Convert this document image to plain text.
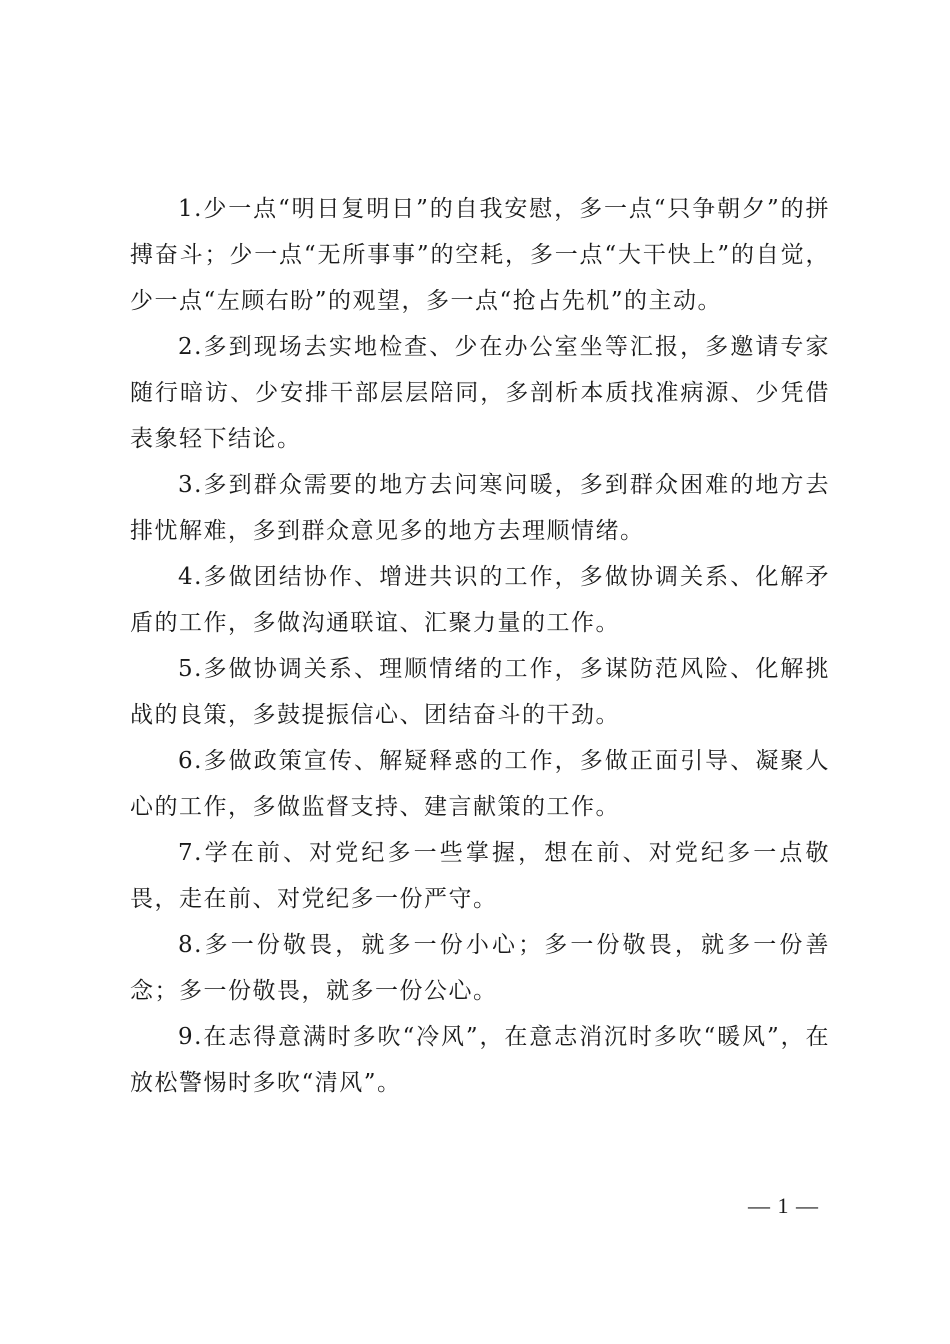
1.少一点“明日复明日”的自我安慰，多一点“只争朝夕”的拼搏奋斗；少一点“无所事事”的空耗，多一点“大干快上”的自觉，少一点“左顾右盼”的观望，多一点“抢占先机”的主动。

2.多到现场去实地检查、少在办公室坐等汇报，多邀请专家随行暗访、少安排干部层层陪同，多剖析本质找准病源、少凭借表象轻下结论。

3.多到群众需要的地方去问寒问暖，多到群众困难的地方去排忧解难，多到群众意见多的地方去理顺情绪。

4.多做团结协作、增进共识的工作，多做协调关系、化解矛盾的工作，多做沟通联谊、汇聚力量的工作。

5.多做协调关系、理顺情绪的工作，多谋防范风险、化解挑战的良策，多鼓提振信心、团结奋斗的干劲。

6.多做政策宣传、解疑释惑的工作，多做正面引导、凝聚人心的工作，多做监督支持、建言献策的工作。

7.学在前、对党纪多一些掌握，想在前、对党纪多一点敬畏，走在前、对党纪多一份严守。

8.多一份敬畏，就多一份小心；多一份敬畏，就多一份善念；多一份敬畏，就多一份公心。

9.在志得意满时多吹“冷风”，在意志消沉时多吹“暖风”，在放松警惕时多吹“清风”。

— 1 —
